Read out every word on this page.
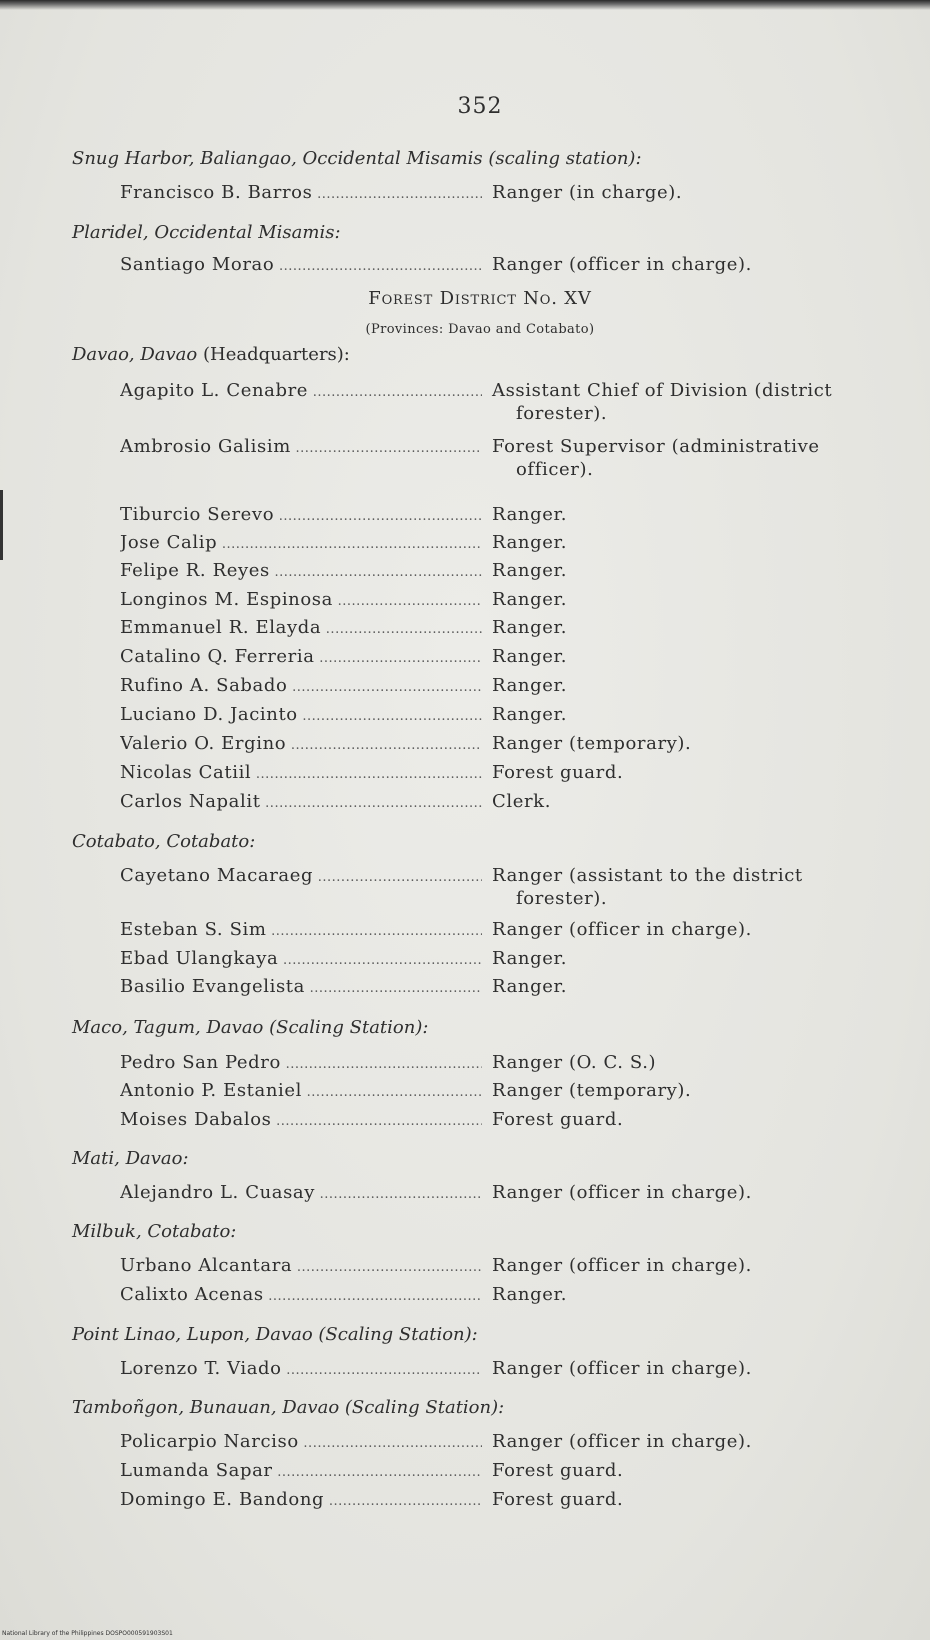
352
Snug Harbor, Baliangao, Occidental Misamis (scaling station):
Francisco B. Barros .....	Ranger (in charge).
Plaridel, Occidental Misamis:
Santiago Morao .....	Ranger (officer in charge).
Forest District No. XV
(Provinces: Davao and Cotabato)
Davao, Davao (Headquarters):
Agapito L. Cenabre .....	Assistant Chief of Division (district
forester).
Ambrosio Galisim .....	Forest Supervisor (administrative
officer).
Tiburcio Serevo .....	Ranger.
Jose Calip .....	Ranger.
Felipe R. Reyes .....	Ranger.
Longinos M. Espinosa .....	Ranger.
Emmanuel R. Elayda .....	Ranger.
Catalino Q. Ferreria .....	Ranger.
Rufino A. Sabado .....	Ranger.
Luciano D. Jacinto .....	Ranger.
Valerio O. Ergino .....	Ranger (temporary).
Nicolas Catiil .....	Forest guard.
Carlos Napalit .....	Clerk.
Cotabato, Cotabato:
Cayetano Macaraeg .....	Ranger (assistant to the district
forester).
Esteban S. Sim .....	Ranger (officer in charge).
Ebad Ulangkaya .....	Ranger.
Basilio Evangelista .....	Ranger.
Maco, Tagum, Davao (Scaling Station):
Pedro San Pedro .....	Ranger (O. C. S.)
Antonio P. Estaniel .....	Ranger (temporary).
Moises Dabalos .....	Forest guard.
Mati, Davao:
Alejandro L. Cuasay .....	Ranger (officer in charge).
Milbuk, Cotabato:
Urbano Alcantara .....	Ranger (officer in charge).
Calixto Acenas .....	Ranger.
Point Linao, Lupon, Davao (Scaling Station):
Lorenzo T. Viado .....	Ranger (officer in charge).
Tamboñgon, Bunauan, Davao (Scaling Station):
Policarpio Narciso .....	Ranger (officer in charge).
Lumanda Sapar .....	Forest guard.
Domingo E. Bandong .....	Forest guard.
National Library of the Philippines DOSPO000591903S01
